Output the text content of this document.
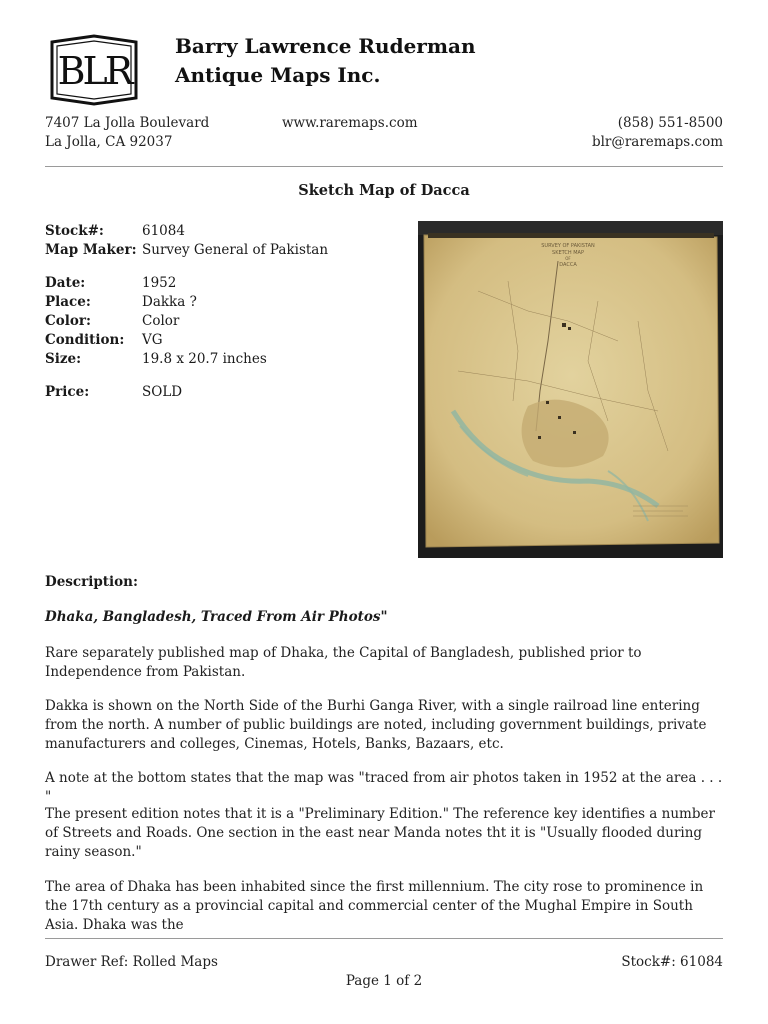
BLR
Barry Lawrence Ruderman
Antique Maps Inc.
7407 La Jolla Boulevard
La Jolla, CA 92037
www.raremaps.com	(858) 551-8500
blr@raremaps.com
Sketch Map of Dacca
Stock#:	61084
Map Maker: Survey General of Pakistan
Date:	1952
Place:	Dakka ?
Color:	Color
Condition: VG
Size:	19.8 x 20.7 inches
Price:	SOLD
SURVEY OF PAKISTAN
SKETCH MAP
OF
DACCA
Description:
Dhaka, Bangladesh, Traced From Air Photos"

Rare separately published map of Dhaka, the Capital of Bangladesh, published prior to Independence from Pakistan.

Dakka is shown on the North Side of the Burhi Ganga River, with a single railroad line entering from the north. A number of public buildings are noted, including government buildings, private manufacturers and colleges, Cinemas, Hotels, Banks, Bazaars, etc.

A note at the bottom states that the map was "traced from air photos taken in 1952 at the area . . . "

The present edition notes that it is a "Preliminary Edition." The reference key identifies a number of Streets and Roads. One section in the east near Manda notes tht it is "Usually flooded during rainy season."

The area of Dhaka has been inhabited since the first millennium. The city rose to prominence in the 17th century as a provincial capital and commercial center of the Mughal Empire in South Asia. Dhaka was the

Drawer Ref: Rolled Maps	Stock#: 61084
Page 1 of 2
